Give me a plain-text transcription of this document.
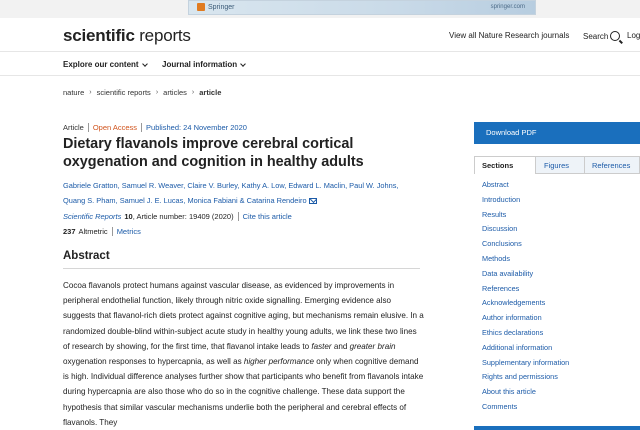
Springer	springer.com
scientific reports	View all Nature Research journals Search Log
Explore our content	Journal information
nature › scientific reports › articles › article
Article Open Access Published: 24 November 2020
Dietary flavanols improve cerebral cortical oxygenation and cognition in healthy adults
Gabriele Gratton, Samuel R. Weaver, Claire V. Burley, Kathy A. Low, Edward L. Maclin, Paul W. Johns,
Quang S. Pham, Samuel J. E. Lucas, Monica Fabiani & Catarina Rendeiro
Scientific Reports 10 , Article number: 19409 (2020) Cite this article
237 Altmetric Metrics
Abstract

Cocoa flavanols protect humans against vascular disease, as evidenced by improvements in peripheral endothelial function, likely through nitric oxide signalling. Emerging evidence also suggests that flavanol-rich diets protect against cognitive aging, but mechanisms remain elusive. In a randomized double-blind within-subject acute study in healthy young adults, we link these two lines of research by showing, for the first time, that flavanol intake leads to faster and greater brain oxygenation responses to hypercapnia, as well as higher performance only when cognitive demand is high. Individual difference analyses further show that participants who benefit from flavanols intake during hypercapnia are also those who do so in the cognitive challenge. These data support the hypothesis that similar vascular mechanisms underlie both the peripheral and cerebral effects of flavanols. They

Download PDF
Sections	Figures	References
Abstract
Introduction
Results
Discussion
Conclusions
Methods
Data availability
References
Acknowledgements
Author information
Ethics declarations
Additional information
Supplementary information
Rights and permissions
About this article
Comments
